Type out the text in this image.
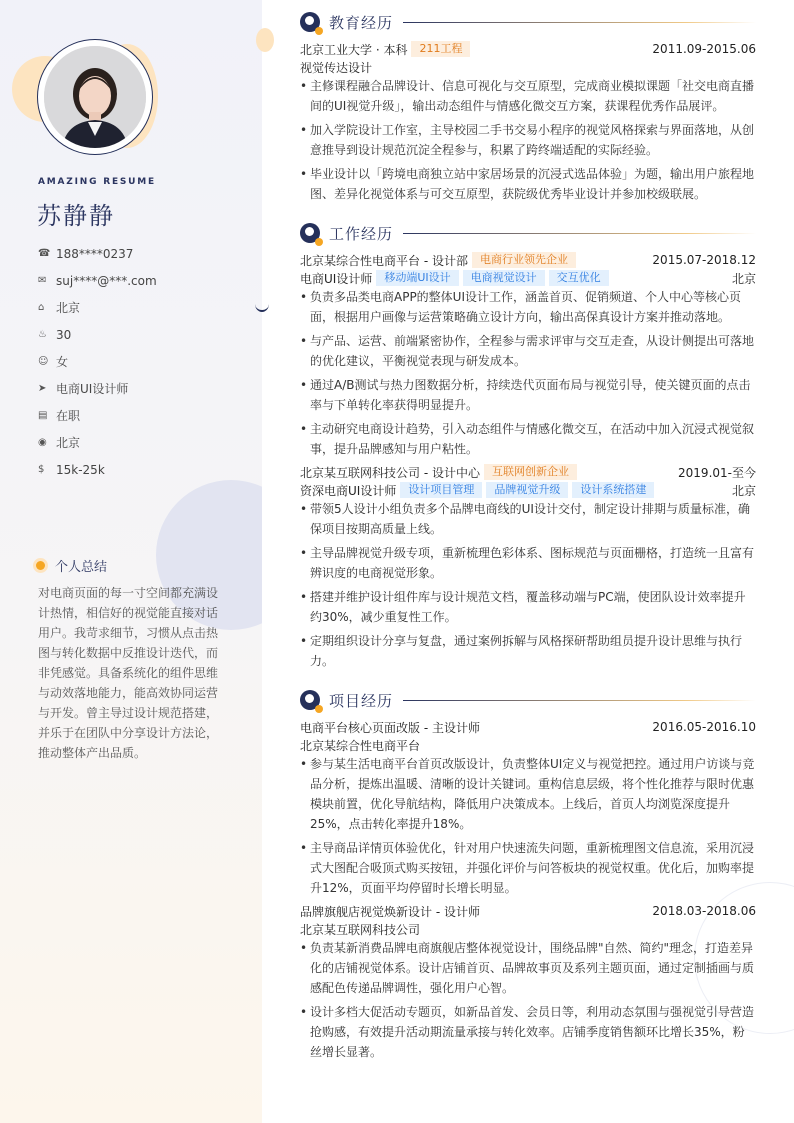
AMAZING RESUME
苏静静
☎ 188****0237
✉ suj****@***.com
⌂ 北京
♨ 30
☺ 女
➤ 电商UI设计师
▤ 在职
◉ 北京
$ 15k-25k
个人总结
对电商页面的每一寸空间都充满设计热情，相信好的视觉能直接对话用户。我苛求细节，习惯从点击热图与转化数据中反推设计迭代，而非凭感觉。具备系统化的组件思维与动效落地能力，能高效协同运营与开发。曾主导过设计规范搭建，并乐于在团队中分享设计方法论，推动整体产出品质。
教育经历
北京工业大学 · 本科	211工程	2011.09-2015.06
视觉传达设计
• 主修课程融合品牌设计、信息可视化与交互原型，完成商业模拟课题「社交电商直播间的UI视觉升级」，输出动态组件与情感化微交互方案，获课程优秀作品展评。
• 加入学院设计工作室，主导校园二手书交易小程序的视觉风格探索与界面落地，从创意推导到设计规范沉淀全程参与，积累了跨终端适配的实际经验。
• 毕业设计以「跨境电商独立站中家居场景的沉浸式选品体验」为题，输出用户旅程地图、差异化视觉体系与可交互原型，获院级优秀毕业设计并参加校级联展。
工作经历
北京某综合性电商平台 - 设计部	电商行业领先企业	2015.07-2018.12
电商UI设计师	移动端UI设计	电商视觉设计	交互优化	北京
• 负责多品类电商APP的整体UI设计工作，涵盖首页、促销频道、个人中心等核心页面，根据用户画像与运营策略确立设计方向，输出高保真设计方案并推动落地。
• 与产品、运营、前端紧密协作，全程参与需求评审与交互走查，从设计侧提出可落地的优化建议，平衡视觉表现与研发成本。
• 通过A/B测试与热力图数据分析，持续迭代页面布局与视觉引导，使关键页面的点击率与下单转化率获得明显提升。
• 主动研究电商设计趋势，引入动态组件与情感化微交互，在活动中加入沉浸式视觉叙事，提升品牌感知与用户粘性。
北京某互联网科技公司 - 设计中心	互联网创新企业	2019.01-至今
资深电商UI设计师	设计项目管理	品牌视觉升级	设计系统搭建	北京
• 带领5人设计小组负责多个品牌电商线的UI设计交付，制定设计排期与质量标准，确保项目按期高质量上线。
• 主导品牌视觉升级专项，重新梳理色彩体系、图标规范与页面栅格，打造统一且富有辨识度的电商视觉形象。
• 搭建并维护设计组件库与设计规范文档，覆盖移动端与PC端，使团队设计效率提升约30%，减少重复性工作。
• 定期组织设计分享与复盘，通过案例拆解与风格探研帮助组员提升设计思维与执行力。
项目经历
电商平台核心页面改版 - 主设计师	2016.05-2016.10
北京某综合性电商平台
• 参与某生活电商平台首页改版设计，负责整体UI定义与视觉把控。通过用户访谈与竞品分析，提炼出温暖、清晰的设计关键词。重构信息层级，将个性化推荐与限时优惠模块前置，优化导航结构，降低用户决策成本。上线后，首页人均浏览深度提升25%，点击转化率提升18%。
• 主导商品详情页体验优化，针对用户快速流失问题，重新梳理图文信息流，采用沉浸式大图配合吸顶式购买按钮，并强化评价与问答板块的视觉权重。优化后，加购率提升12%，页面平均停留时长增长明显。
品牌旗舰店视觉焕新设计 - 设计师	2018.03-2018.06
北京某互联网科技公司
• 负责某新消费品牌电商旗舰店整体视觉设计，围绕品牌"自然、简约"理念，打造差异化的店铺视觉体系。设计店铺首页、品牌故事页及系列主题页面，通过定制插画与质感配色传递品牌调性，强化用户心智。
• 设计多档大促活动专题页，如新品首发、会员日等，利用动态氛围与强视觉引导营造抢购感，有效提升活动期流量承接与转化效率。店铺季度销售额环比增长35%，粉丝增长显著。
